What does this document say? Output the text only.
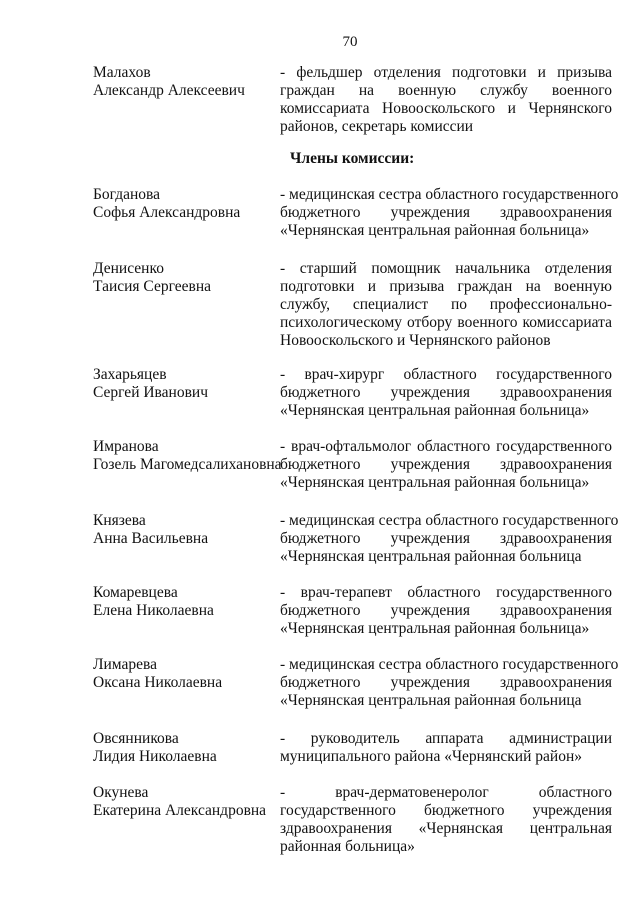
70
Малахов
Александр Алексеевич
- фельдшер отделения подготовки и призыва
граждан на военную службу военного
комиссариата Новооскольского и Чернянского
районов, секретарь комиссии
Члены комиссии:
Богданова
Софья Александровна
- медицинская сестра областного государственного
бюджетного учреждения здравоохранения
«Чернянская центральная районная больница»
Денисенко
Таисия Сергеевна
- старший помощник начальника отделения
подготовки и призыва граждан на военную
службу, специалист по профессионально-
психологическому отбору военного комиссариата
Новооскольского и Чернянского районов
Захарьяцев
Сергей Иванович
- врач-хирург областного государственного
бюджетного учреждения здравоохранения
«Чернянская центральная районная больница»
Имранова
Гозель Магомедсалихановна
- врач-офтальмолог областного государственного
бюджетного учреждения здравоохранения
«Чернянская центральная районная больница»
Князева
Анна Васильевна
- медицинская сестра областного государственного
бюджетного учреждения здравоохранения
«Чернянская центральная районная больница
Комаревцева
Елена Николаевна
- врач-терапевт областного государственного
бюджетного учреждения здравоохранения
«Чернянская центральная районная больница»
Лимарева
Оксана Николаевна
- медицинская сестра областного государственного
бюджетного учреждения здравоохранения
«Чернянская центральная районная больница
Овсянникова
Лидия Николаевна
- руководитель аппарата администрации
муниципального района «Чернянский район»
Окунева
Екатерина Александровна
- врач-дерматовенеролог областного
государственного бюджетного учреждения
здравоохранения «Чернянская центральная
районная больница»
